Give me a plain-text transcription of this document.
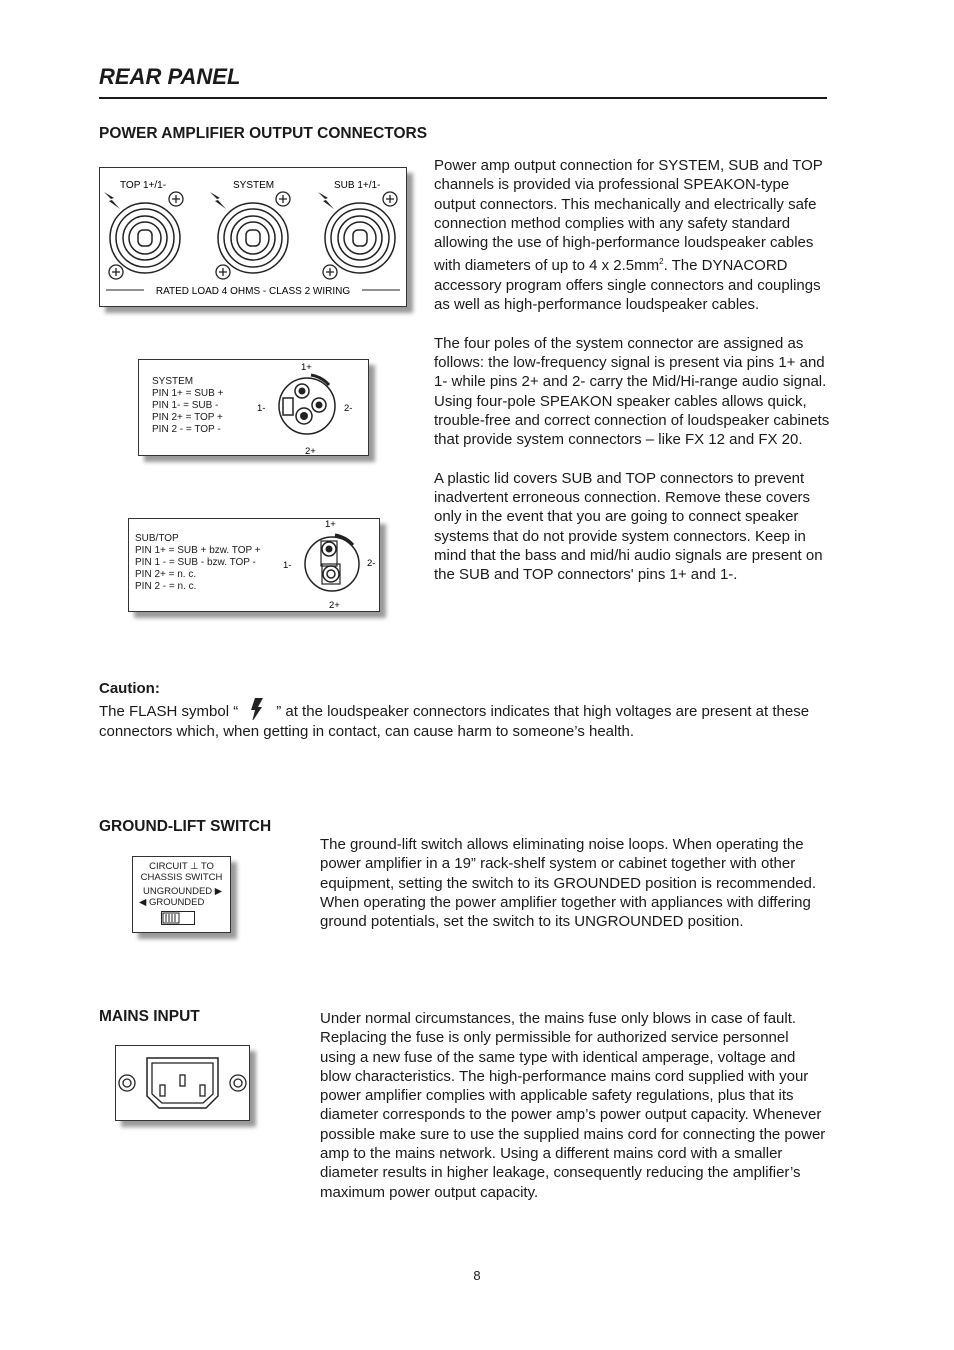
REAR PANEL
POWER AMPLIFIER OUTPUT CONNECTORS
TOP 1+/1-	SYSTEM	SUB 1+/1-
RATED LOAD 4 OHMS - CLASS 2 WIRING
SYSTEM
PIN 1+ = SUB +
PIN 1- = SUB -
PIN 2+ = TOP +
PIN 2 - = TOP -
1+
1-	2-
2+
SUB/TOP
PIN 1+ = SUB + bzw. TOP +
PIN 1 - = SUB - bzw. TOP -
PIN 2+ = n. c.
PIN 2 - = n. c.
1+
1-	2-
2+

Power amp output connection for SYSTEM, SUB and TOP channels is provided via professional SPEAKON-type output connectors. This mechanically and electrically safe connection method complies with any safety standard allowing the use of high-performance loudspeaker cables with diameters of up to 4 x $2.5mm^2$. The DYNACORD accessory program offers single connectors and couplings as well as high-performance loudspeaker cables.

The four poles of the system connector are assigned as follows: the low-frequency signal is present via pins 1+ and 1- while pins 2+ and 2- carry the Mid/Hi-range audio signal. Using four-pole SPEAKON speaker cables allows quick, trouble-free and correct connection of loudspeaker cabinets that provide system connectors – like FX 12 and FX 20.

A plastic lid covers SUB and TOP connectors to prevent inadvertent erroneous connection. Remove these covers only in the event that you are going to connect speaker systems that do not provide system connectors. Keep in mind that the bass and mid/hi audio signals are present on the SUB and TOP connectors' pins 1+ and 1-.

Caution:
The FLASH symbol “	” at the loudspeaker connectors indicates that high voltages are present at these connectors which, when getting in contact, can cause harm to someone’s health.
GROUND-LIFT SWITCH
CIRCUIT ⊥ TO
CHASSIS SWITCH
UNGROUNDED ▶
◀ GROUNDED
The ground-lift switch allows eliminating noise loops. When operating the power amplifier in a 19” rack-shelf system or cabinet together with other equipment, setting the switch to its GROUNDED position is recommended. When operating the power amplifier together with appliances with differing ground potentials, set the switch to its UNGROUNDED position.
MAINS INPUT	Under normal circumstances, the mains fuse only blows in case of fault. Replacing the fuse is only permissible for authorized service personnel using a new fuse of the same type with identical amperage, voltage and blow characteristics. The high-performance mains cord supplied with your power amplifier complies with applicable safety regulations, plus that its diameter corresponds to the power amp’s power output capacity. Whenever possible make sure to use the supplied mains cord for connecting the power amp to the mains network. Using a different mains cord with a smaller diameter results in higher leakage, consequently reducing the amplifier’s maximum power output capacity.
8
